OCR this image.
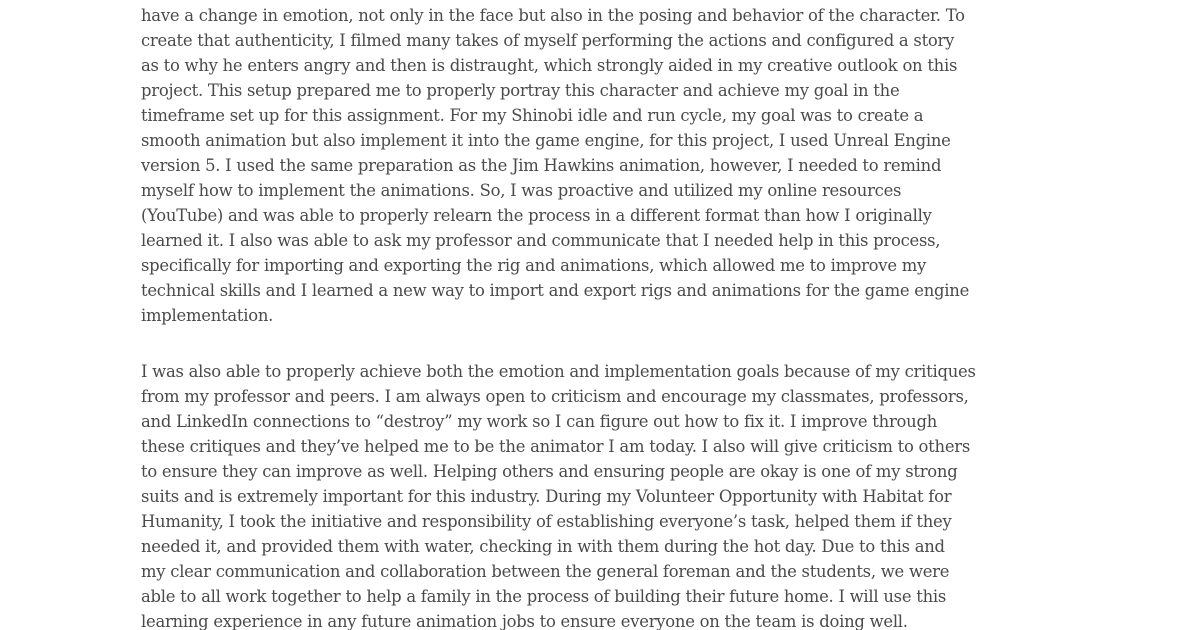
have a change in emotion, not only in the face but also in the posing and behavior of the character. To
create that authenticity, I filmed many takes of myself performing the actions and configured a story
as to why he enters angry and then is distraught, which strongly aided in my creative outlook on this
project. This setup prepared me to properly portray this character and achieve my goal in the
timeframe set up for this assignment. For my Shinobi idle and run cycle, my goal was to create a
smooth animation but also implement it into the game engine, for this project, I used Unreal Engine
version 5. I used the same preparation as the Jim Hawkins animation, however, I needed to remind
myself how to implement the animations. So, I was proactive and utilized my online resources
(YouTube) and was able to properly relearn the process in a different format than how I originally
learned it. I also was able to ask my professor and communicate that I needed help in this process,
specifically for importing and exporting the rig and animations, which allowed me to improve my
technical skills and I learned a new way to import and export rigs and animations for the game engine
implementation.
I was also able to properly achieve both the emotion and implementation goals because of my critiques
from my professor and peers. I am always open to criticism and encourage my classmates, professors,
and LinkedIn connections to “destroy” my work so I can figure out how to fix it. I improve through
these critiques and they’ve helped me to be the animator I am today. I also will give criticism to others
to ensure they can improve as well. Helping others and ensuring people are okay is one of my strong
suits and is extremely important for this industry. During my Volunteer Opportunity with Habitat for
Humanity, I took the initiative and responsibility of establishing everyone’s task, helped them if they
needed it, and provided them with water, checking in with them during the hot day. Due to this and
my clear communication and collaboration between the general foreman and the students, we were
able to all work together to help a family in the process of building their future home. I will use this
learning experience in any future animation jobs to ensure everyone on the team is doing well.
